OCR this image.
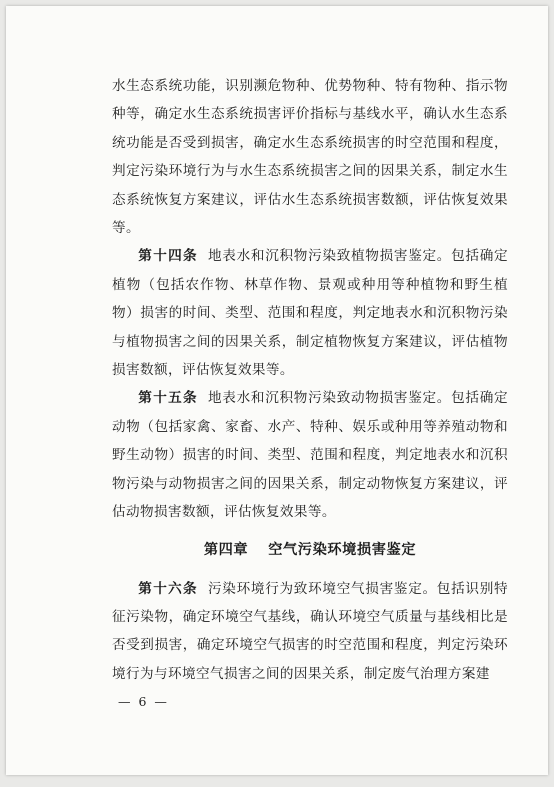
水生态系统功能，识别濒危物种、优势物种、特有物种、指示物种等，确定水生态系统损害评价指标与基线水平，确认水生态系统功能是否受到损害，确定水生态系统损害的时空范围和程度，判定污染环境行为与水生态系统损害之间的因果关系，制定水生态系统恢复方案建议，评估水生态系统损害数额，评估恢复效果等。

第十四条 地表水和沉积物污染致植物损害鉴定。包括确定植物（包括农作物、林草作物、景观或种用等种植物和野生植物）损害的时间、类型、范围和程度，判定地表水和沉积物污染与植物损害之间的因果关系，制定植物恢复方案建议，评估植物损害数额，评估恢复效果等。

第十五条 地表水和沉积物污染致动物损害鉴定。包括确定动物（包括家禽、家畜、水产、特种、娱乐或种用等养殖动物和野生动物）损害的时间、类型、范围和程度，判定地表水和沉积物污染与动物损害之间的因果关系，制定动物恢复方案建议，评估动物损害数额，评估恢复效果等。

第四章 空气污染环境损害鉴定

第十六条 污染环境行为致环境空气损害鉴定。包括识别特征污染物，确定环境空气基线，确认环境空气质量与基线相比是否受到损害，确定环境空气损害的时空范围和程度，判定污染环境行为与环境空气损害之间的因果关系，制定废气治理方案建

— 6 —
